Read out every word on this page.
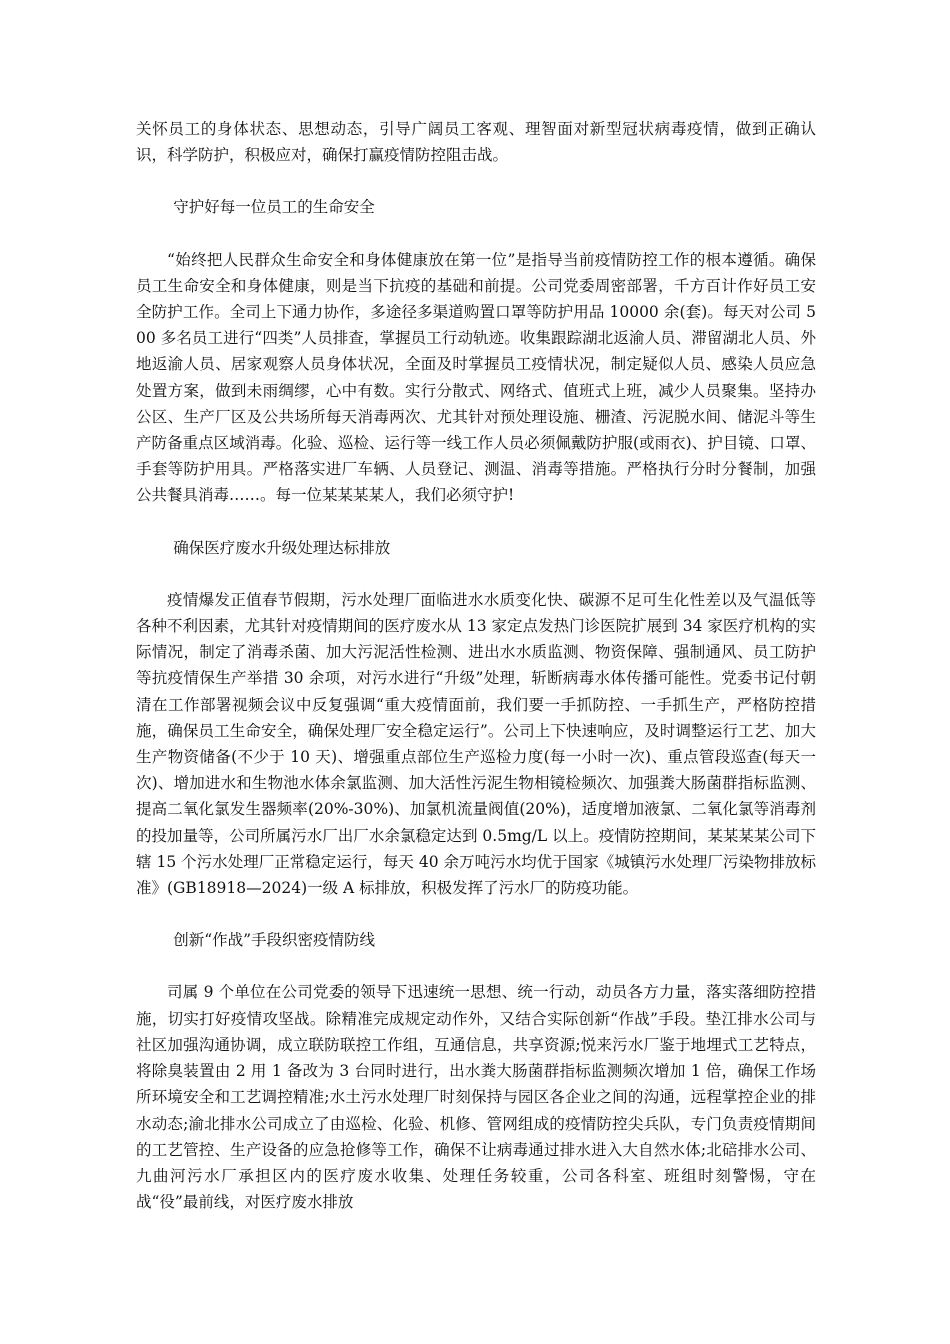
关怀员工的身体状态、思想动态，引导广阔员工客观、理智面对新型冠状病毒疫情，做到正确认识，科学防护，积极应对，确保打赢疫情防控阻击战。

守护好每一位员工的生命安全

“始终把人民群众生命安全和身体健康放在第一位”是指导当前疫情防控工作的根本遵循。确保员工生命安全和身体健康，则是当下抗疫的基础和前提。公司党委周密部署，千方百计作好员工安全防护工作。全司上下通力协作，多途径多渠道购置口罩等防护用品 10000 余(套)。每天对公司 500 多名员工进行“四类”人员排查，掌握员工行动轨迹。收集跟踪湖北返渝人员、滞留湖北人员、外地返渝人员、居家观察人员身体状况，全面及时掌握员工疫情状况，制定疑似人员、感染人员应急处置方案，做到未雨绸缪，心中有数。实行分散式、网络式、值班式上班，减少人员聚集。坚持办公区、生产厂区及公共场所每天消毒两次、尤其针对预处理设施、栅渣、污泥脱水间、储泥斗等生产防备重点区域消毒。化验、巡检、运行等一线工作人员必须佩戴防护服(或雨衣)、护目镜、口罩、手套等防护用具。严格落实进厂车辆、人员登记、测温、消毒等措施。严格执行分时分餐制，加强公共餐具消毒……。每一位某某某某人，我们必须守护!

确保医疗废水升级处理达标排放

疫情爆发正值春节假期，污水处理厂面临进水水质变化快、碳源不足可生化性差以及气温低等各种不利因素，尤其针对疫情期间的医疗废水从 13 家定点发热门诊医院扩展到 34 家医疗机构的实际情况，制定了消毒杀菌、加大污泥活性检测、进出水水质监测、物资保障、强制通风、员工防护等抗疫情保生产举措 30 余项，对污水进行“升级”处理，斩断病毒水体传播可能性。党委书记付朝清在工作部署视频会议中反复强调“重大疫情面前，我们要一手抓防控、一手抓生产，严格防控措施，确保员工生命安全，确保处理厂安全稳定运行”。公司上下快速响应，及时调整运行工艺、加大生产物资储备(不少于 10 天)、增强重点部位生产巡检力度(每一小时一次)、重点管段巡查(每天一次)、增加进水和生物池水体余氯监测、加大活性污泥生物相镜检频次、加强粪大肠菌群指标监测、提高二氧化氯发生器频率(20%-30%)、加氯机流量阀值(20%)，适度增加液氯、二氧化氯等消毒剂的投加量等，公司所属污水厂出厂水余氯稳定达到 0.5mg/L 以上。疫情防控期间，某某某某公司下辖 15 个污水处理厂正常稳定运行，每天 40 余万吨污水均优于国家《城镇污水处理厂污染物排放标准》(GB18918—2024)一级 A 标排放，积极发挥了污水厂的防疫功能。

创新“作战”手段织密疫情防线

司属 9 个单位在公司党委的领导下迅速统一思想、统一行动，动员各方力量，落实落细防控措施，切实打好疫情攻坚战。除精准完成规定动作外，又结合实际创新“作战”手段。垫江排水公司与社区加强沟通协调，成立联防联控工作组，互通信息，共享资源;悦来污水厂鉴于地埋式工艺特点，将除臭装置由 2 用 1 备改为 3 台同时进行，出水粪大肠菌群指标监测频次增加 1 倍，确保工作场所环境安全和工艺调控精准;水土污水处理厂时刻保持与园区各企业之间的沟通，远程掌控企业的排水动态;渝北排水公司成立了由巡检、化验、机修、管网组成的疫情防控尖兵队，专门负责疫情期间的工艺管控、生产设备的应急抢修等工作，确保不让病毒通过排水进入大自然水体;北碚排水公司、九曲河污水厂承担区内的医疗废水收集、处理任务较重，公司各科室、班组时刻警惕，守在战“役”最前线，对医疗废水排放
